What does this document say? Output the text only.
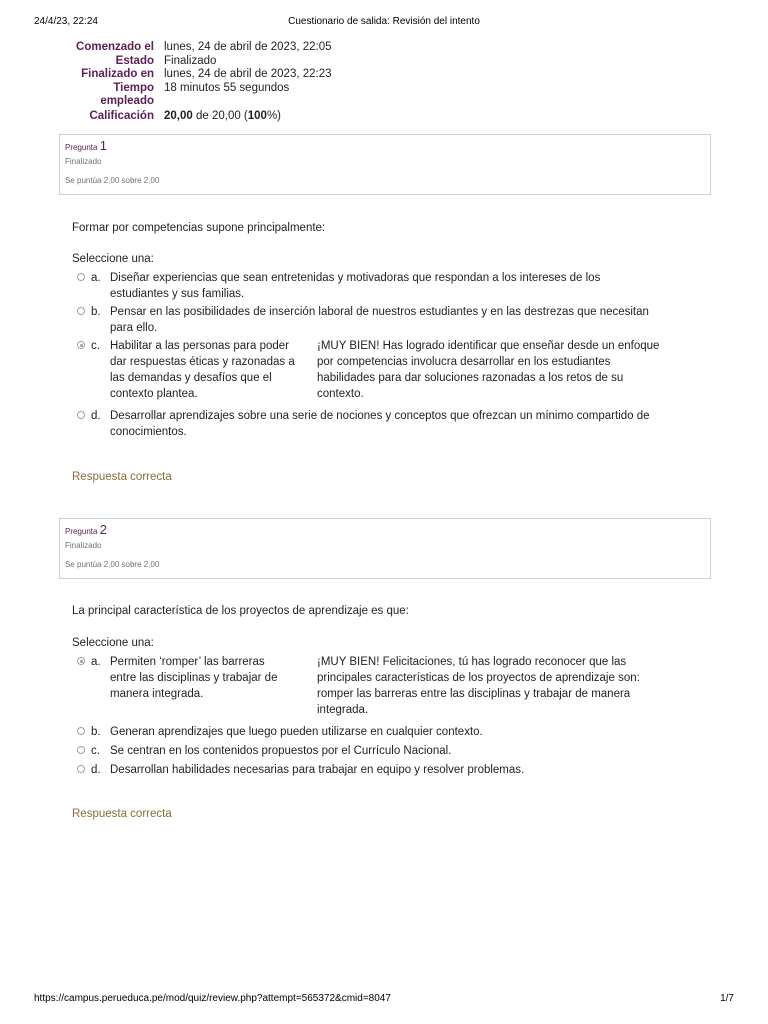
24/4/23, 22:24	Cuestionario de salida: Revisión del intento
Comenzado el lunes, 24 de abril de 2023, 22:05
Estado Finalizado
Finalizado en lunes, 24 de abril de 2023, 22:23
Tiempo
empleado
18 minutos 55 segundos
Calificación 20,00 de 20,00 (100%)
Pregunta 1
Finalizado
Se puntúa 2,00 sobre 2,00
Formar por competencias supone principalmente:
Seleccione una:
a. Diseñar experiencias que sean entretenidas y motivadoras que respondan a los intereses de los
estudiantes y sus familias.
b. Pensar en las posibilidades de inserción laboral de nuestros estudiantes y en las destrezas que necesitan
para ello.
c. Habilitar a las personas para poder
dar respuestas éticas y razonadas a
las demandas y desafíos que el
contexto plantea.
¡MUY BIEN! Has logrado identificar que enseñar desde un enfoque
por competencias involucra desarrollar en los estudiantes
habilidades para dar soluciones razonadas a los retos de su
contexto.
d. Desarrollar aprendizajes sobre una serie de nociones y conceptos que ofrezcan un mínimo compartido de
conocimientos.
Respuesta correcta
Pregunta 2
Finalizado
Se puntúa 2,00 sobre 2,00
La principal característica de los proyectos de aprendizaje es que:
Seleccione una:
a. Permiten ‘romper’ las barreras
entre las disciplinas y trabajar de
manera integrada.
¡MUY BIEN! Felicitaciones, tú has logrado reconocer que las
principales características de los proyectos de aprendizaje son:
romper las barreras entre las disciplinas y trabajar de manera
integrada.
b. Generan aprendizajes que luego pueden utilizarse en cualquier contexto.
c. Se centran en los contenidos propuestos por el Currículo Nacional.
d. Desarrollan habilidades necesarias para trabajar en equipo y resolver problemas.
Respuesta correcta
https://campus.perueduca.pe/mod/quiz/review.php?attempt=565372&cmid=8047	1/7
